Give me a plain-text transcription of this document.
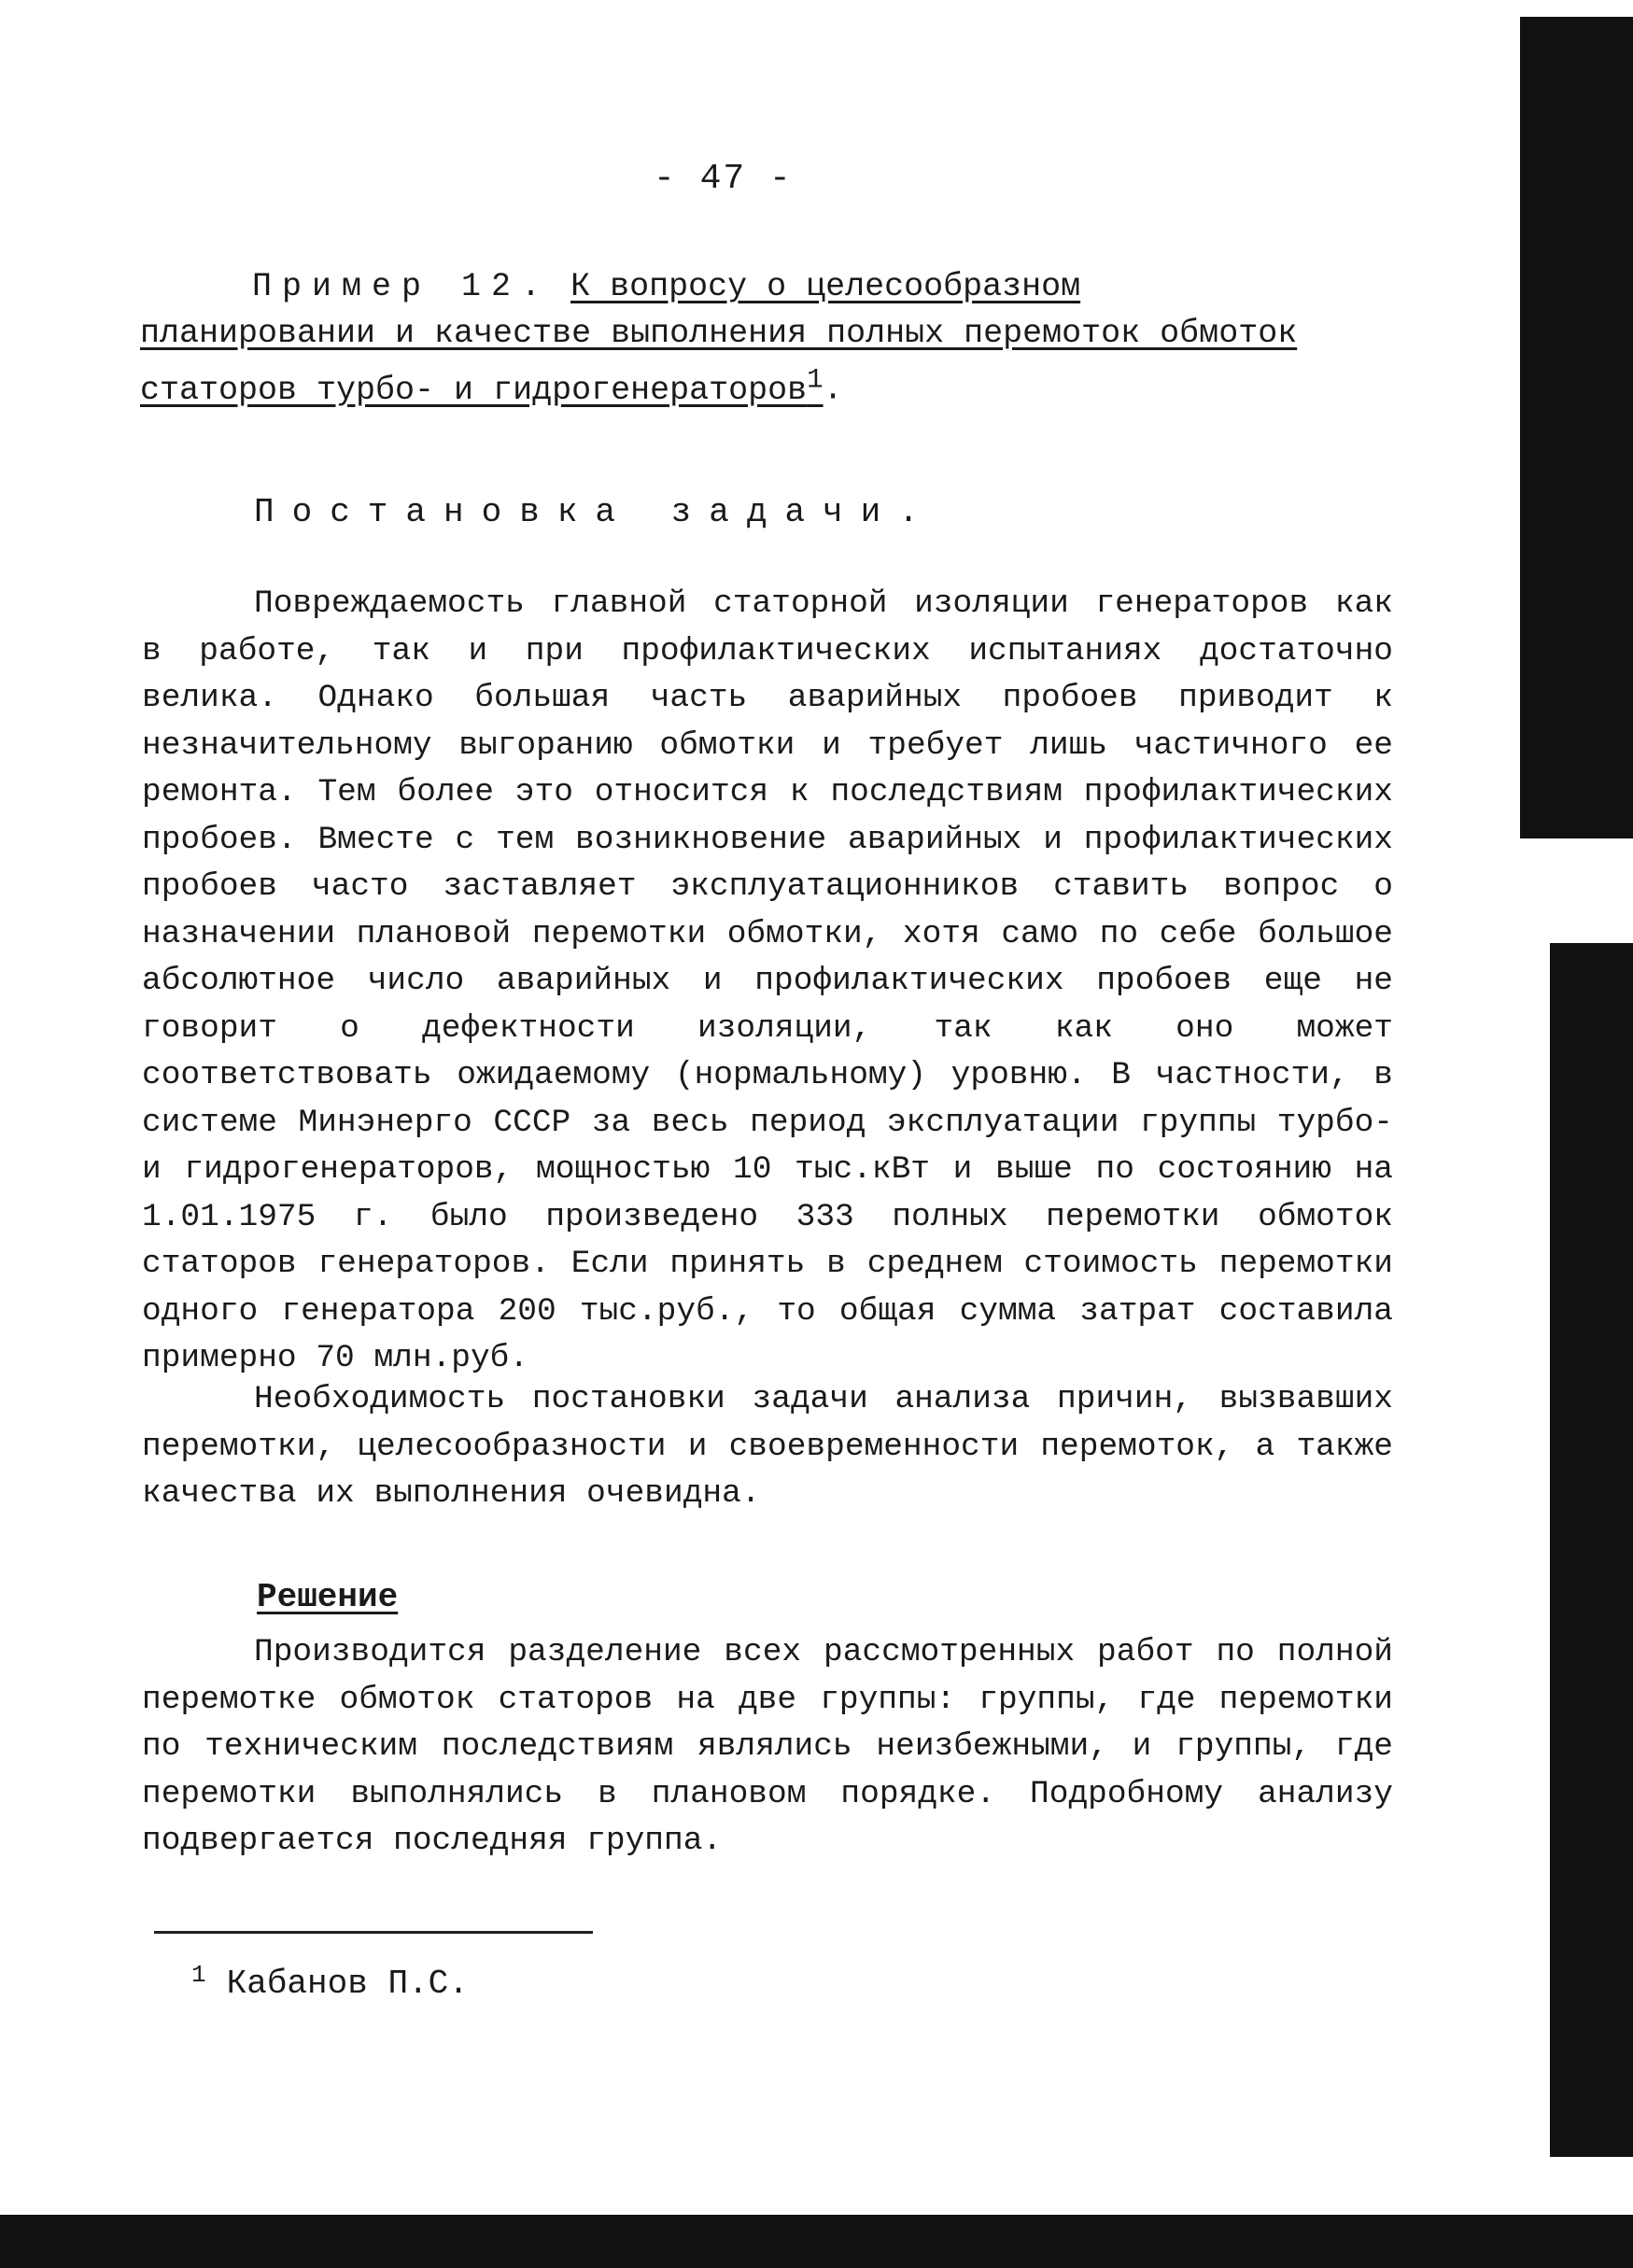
- 47 -
Пример 12. К вопросу о целесообразном планировании и качестве выполнения полных перемоток обмоток статоров турбо- и гидрогенераторов$^1$.
Постановка задачи.

Повреждаемость главной статорной изоляции генераторов как в работе, так и при профилактических испытаниях достаточно велика. Однако большая часть аварийных пробоев приводит к незначительному выгоранию обмотки и требует лишь частичного ее ремонта. Тем более это относится к последствиям профилактических пробоев. Вместе с тем возникновение аварийных и профилактических пробоев часто заставляет эксплуатационников ставить вопрос о назначении плановой перемотки обмотки, хотя само по себе большое абсолютное число аварийных и профилактических пробоев еще не говорит о дефектности изоляции, так как оно может соответствовать ожидаемому (нормальному) уровню. В частности, в системе Минэнерго СССР за весь период эксплуатации группы турбо- и гидрогенераторов, мощностью 10 тыс.кВт и выше по состоянию на 1.01.1975 г. было произведено 333 полных перемотки обмоток статоров генераторов. Если принять в среднем стоимость перемотки одного генератора 200 тыс.руб., то общая сумма затрат составила примерно 70 млн.руб.

Необходимость постановки задачи анализа причин, вызвавших перемотки, целесообразности и своевременности перемоток, а также качества их выполнения очевидна.

Решение

Производится разделение всех рассмотренных работ по полной перемотке обмоток статоров на две группы: группы, где перемотки по техническим последствиям являлись неизбежными, и группы, где перемотки выполнялись в плановом порядке. Подробному анализу подвергается последняя группа.

$^1$ Кабанов П.С.
